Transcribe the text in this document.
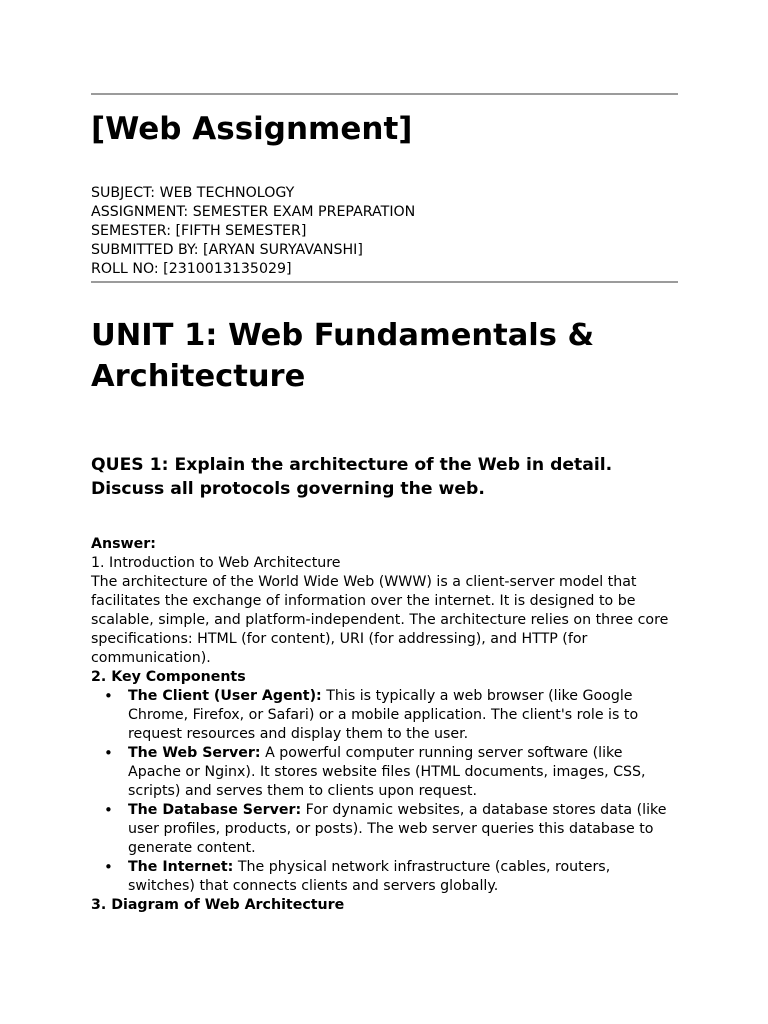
[Web Assignment]
SUBJECT: WEB TECHNOLOGY
ASSIGNMENT: SEMESTER EXAM PREPARATION
SEMESTER: [FIFTH SEMESTER]
SUBMITTED BY: [ARYAN SURYAVANSHI]
ROLL NO: [2310013135029]
UNIT 1: Web Fundamentals & Architecture
QUES 1: Explain the architecture of the Web in detail. Discuss all protocols governing the web.

Answer:

1. Introduction to Web Architecture

The architecture of the World Wide Web (WWW) is a client-server model that facilitates the exchange of information over the internet. It is designed to be scalable, simple, and platform-independent. The architecture relies on three core specifications: HTML (for content), URI (for addressing), and HTTP (for communication).

2. Key Components

• The Client (User Agent): This is typically a web browser (like Google Chrome, Firefox, or Safari) or a mobile application. The client's role is to request resources and display them to the user.
• The Web Server: A powerful computer running server software (like Apache or Nginx). It stores website files (HTML documents, images, CSS, scripts) and serves them to clients upon request.
• The Database Server: For dynamic websites, a database stores data (like user profiles, products, or posts). The web server queries this database to generate content.
• The Internet: The physical network infrastructure (cables, routers, switches) that connects clients and servers globally.

3. Diagram of Web Architecture
